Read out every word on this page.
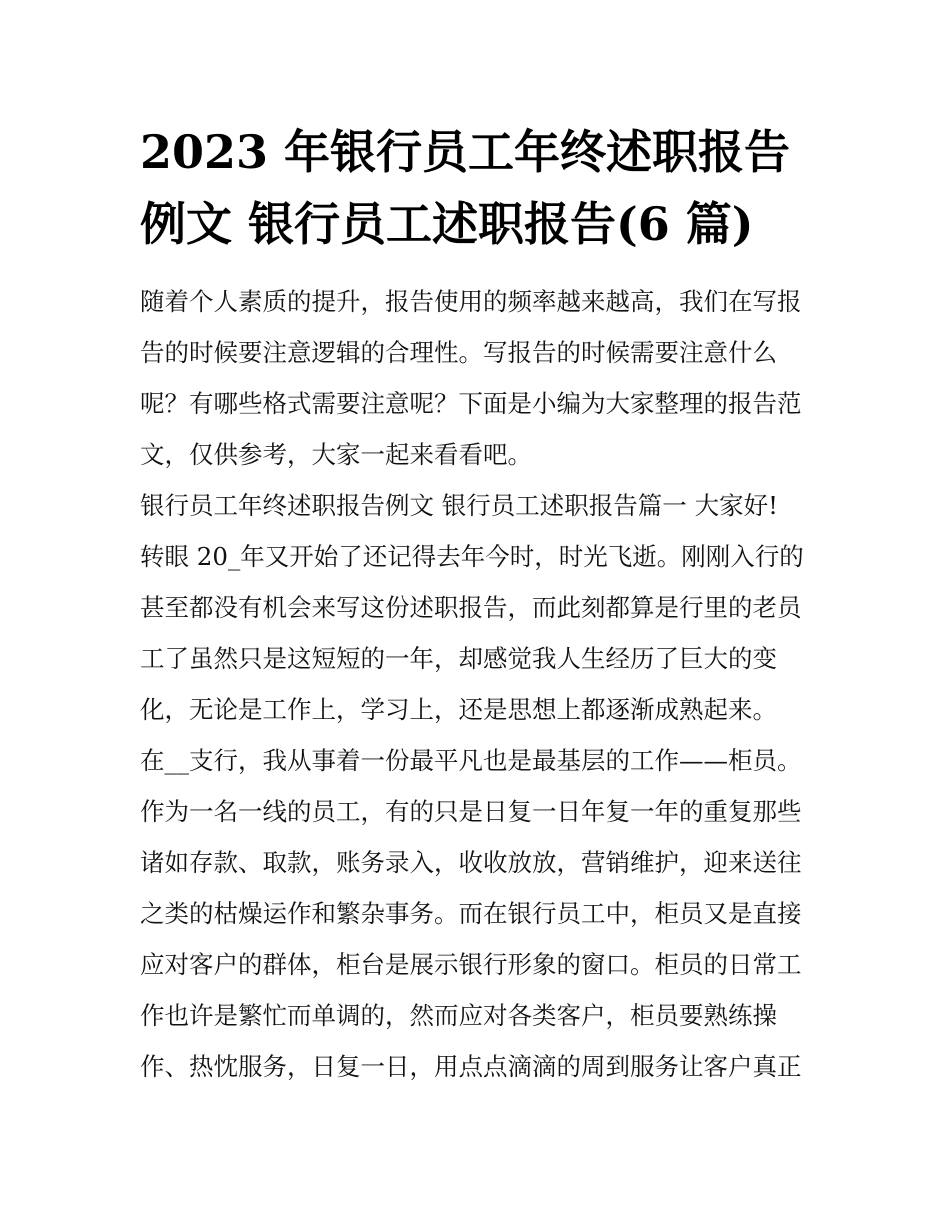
2023 年银行员工年终述职报告
例文 银行员工述职报告(6 篇)
随着个人素质的提升，报告使用的频率越来越高，我们在写报
告的时候要注意逻辑的合理性。写报告的时候需要注意什么
呢？有哪些格式需要注意呢？下面是小编为大家整理的报告范
文，仅供参考，大家一起来看看吧。
银行员工年终述职报告例文 银行员工述职报告篇一 大家好!
转眼 20_年又开始了还记得去年今时，时光飞逝。刚刚入行的
甚至都没有机会来写这份述职报告，而此刻都算是行里的老员
工了虽然只是这短短的一年，却感觉我人生经历了巨大的变
化，无论是工作上，学习上，还是思想上都逐渐成熟起来。
在__支行，我从事着一份最平凡也是最基层的工作——柜员。
作为一名一线的员工，有的只是日复一日年复一年的重复那些
诸如存款、取款，账务录入，收收放放，营销维护，迎来送往
之类的枯燥运作和繁杂事务。而在银行员工中，柜员又是直接
应对客户的群体，柜台是展示银行形象的窗口。柜员的日常工
作也许是繁忙而单调的，然而应对各类客户，柜员要熟练操
作、热忱服务，日复一日，用点点滴滴的周到服务让客户真正
